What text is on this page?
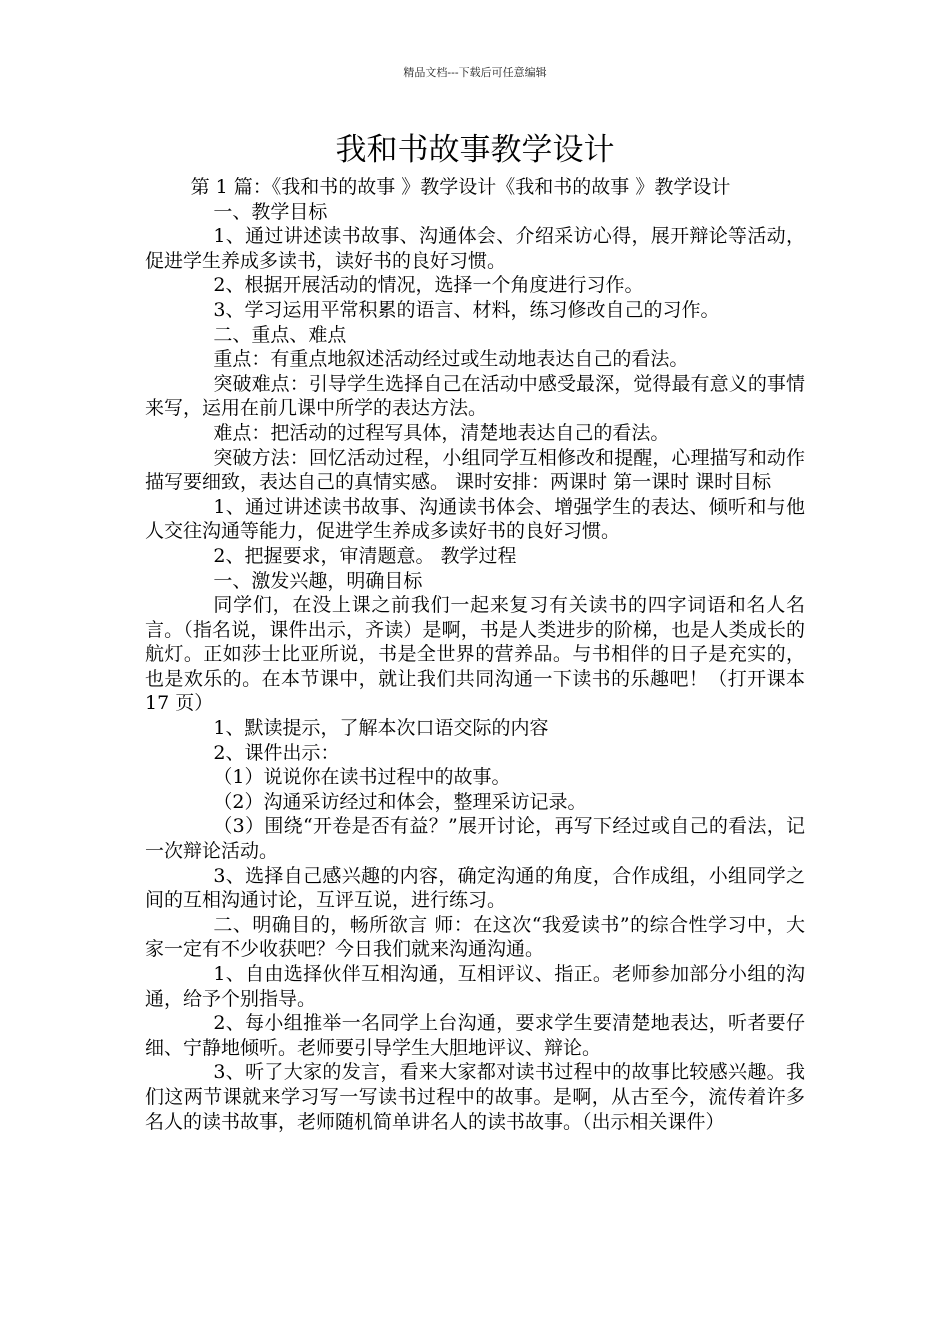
精品文档---下载后可任意编辑
我和书故事教学设计

第 1 篇：《我和书的故事 》教学设计《我和书的故事 》教学设计

一、教学目标

1、通过讲述读书故事、沟通体会、介绍采访心得，展开辩论等活动，促进学生养成多读书，读好书的良好习惯。

2、根据开展活动的情况，选择一个角度进行习作。

3、学习运用平常积累的语言、材料，练习修改自己的习作。

二、重点、难点

重点：有重点地叙述活动经过或生动地表达自己的看法。

突破难点：引导学生选择自己在活动中感受最深，觉得最有意义的事情来写，运用在前几课中所学的表达方法。

难点：把活动的过程写具体，清楚地表达自己的看法。

突破方法：回忆活动过程，小组同学互相修改和提醒，心理描写和动作描写要细致，表达自己的真情实感。 课时安排：两课时 第一课时 课时目标

1、通过讲述读书故事、沟通读书体会、增强学生的表达、倾听和与他人交往沟通等能力，促进学生养成多读好书的良好习惯。

2、把握要求，审清题意。 教学过程

一、激发兴趣，明确目标

同学们，在没上课之前我们一起来复习有关读书的四字词语和名人名言。（指名说，课件出示，齐读）是啊，书是人类进步的阶梯，也是人类成长的航灯。正如莎士比亚所说，书是全世界的营养品。与书相伴的日子是充实的，也是欢乐的。在本节课中，就让我们共同沟通一下读书的乐趣吧！（打开课本 17 页）

1、默读提示，了解本次口语交际的内容

2、课件出示：

（1）说说你在读书过程中的故事。

（2）沟通采访经过和体会，整理采访记录。

（3）围绕“开卷是否有益？”展开讨论，再写下经过或自己的看法，记一次辩论活动。

3、选择自己感兴趣的内容，确定沟通的角度，合作成组，小组同学之间的互相沟通讨论，互评互说，进行练习。

二、明确目的，畅所欲言 师：在这次“我爱读书”的综合性学习中，大家一定有不少收获吧？今日我们就来沟通沟通。

1、自由选择伙伴互相沟通，互相评议、指正。老师参加部分小组的沟通，给予个别指导。

2、每小组推举一名同学上台沟通，要求学生要清楚地表达，听者要仔细、宁静地倾听。老师要引导学生大胆地评议、辩论。

3、听了大家的发言，看来大家都对读书过程中的故事比较感兴趣。我们这两节课就来学习写一写读书过程中的故事。是啊，从古至今，流传着许多名人的读书故事，老师随机简单讲名人的读书故事。（出示相关课件）
